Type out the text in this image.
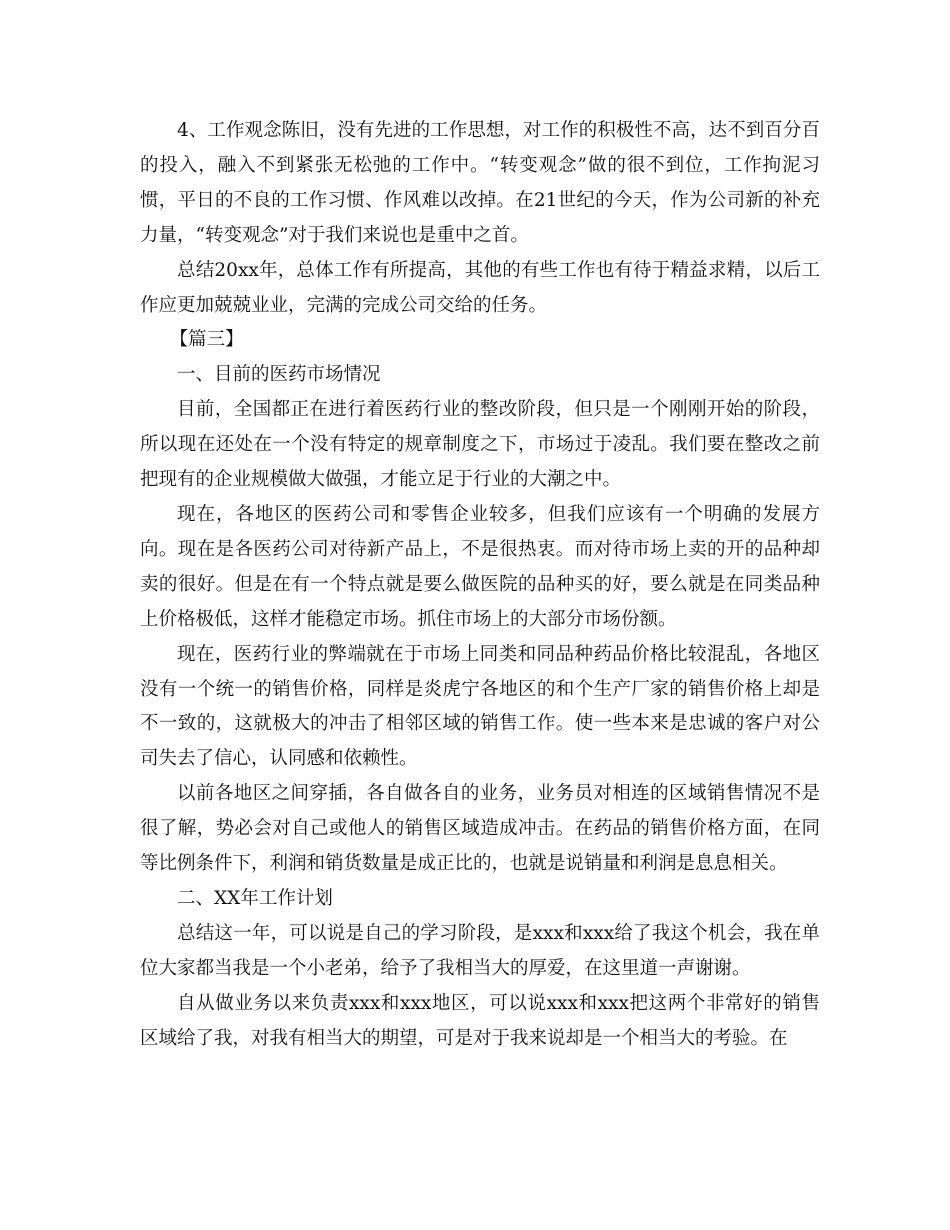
4、工作观念陈旧，没有先进的工作思想，对工作的积极性不高，达不到百分百的投入，融入不到紧张无松弛的工作中。“转变观念”做的很不到位，工作拘泥习惯，平日的不良的工作习惯、作风难以改掉。在21世纪的今天，作为公司新的补充力量，“转变观念”对于我们来说也是重中之首。

总结20xx年，总体工作有所提高，其他的有些工作也有待于精益求精，以后工作应更加兢兢业业，完满的完成公司交给的任务。

【篇三】

一、目前的医药市场情况

目前，全国都正在进行着医药行业的整改阶段，但只是一个刚刚开始的阶段，所以现在还处在一个没有特定的规章制度之下，市场过于凌乱。我们要在整改之前把现有的企业规模做大做强，才能立足于行业的大潮之中。

现在，各地区的医药公司和零售企业较多，但我们应该有一个明确的发展方向。现在是各医药公司对待新产品上，不是很热衷。而对待市场上卖的开的品种却卖的很好。但是在有一个特点就是要么做医院的品种买的好，要么就是在同类品种上价格极低，这样才能稳定市场。抓住市场上的大部分市场份额。

现在，医药行业的弊端就在于市场上同类和同品种药品价格比较混乱，各地区没有一个统一的销售价格，同样是炎虎宁各地区的和个生产厂家的销售价格上却是不一致的，这就极大的冲击了相邻区域的销售工作。使一些本来是忠诚的客户对公司失去了信心，认同感和依赖性。

以前各地区之间穿插，各自做各自的业务，业务员对相连的区域销售情况不是很了解，势必会对自己或他人的销售区域造成冲击。在药品的销售价格方面，在同等比例条件下，利润和销货数量是成正比的，也就是说销量和利润是息息相关。

二、XX年工作计划

总结这一年，可以说是自己的学习阶段，是xxx和xxx给了我这个机会，我在单位大家都当我是一个小老弟，给予了我相当大的厚爱，在这里道一声谢谢。

自从做业务以来负责xxx和xxx地区，可以说xxx和xxx把这两个非常好的销售区域给了我，对我有相当大的期望，可是对于我来说却是一个相当大的考验。在
